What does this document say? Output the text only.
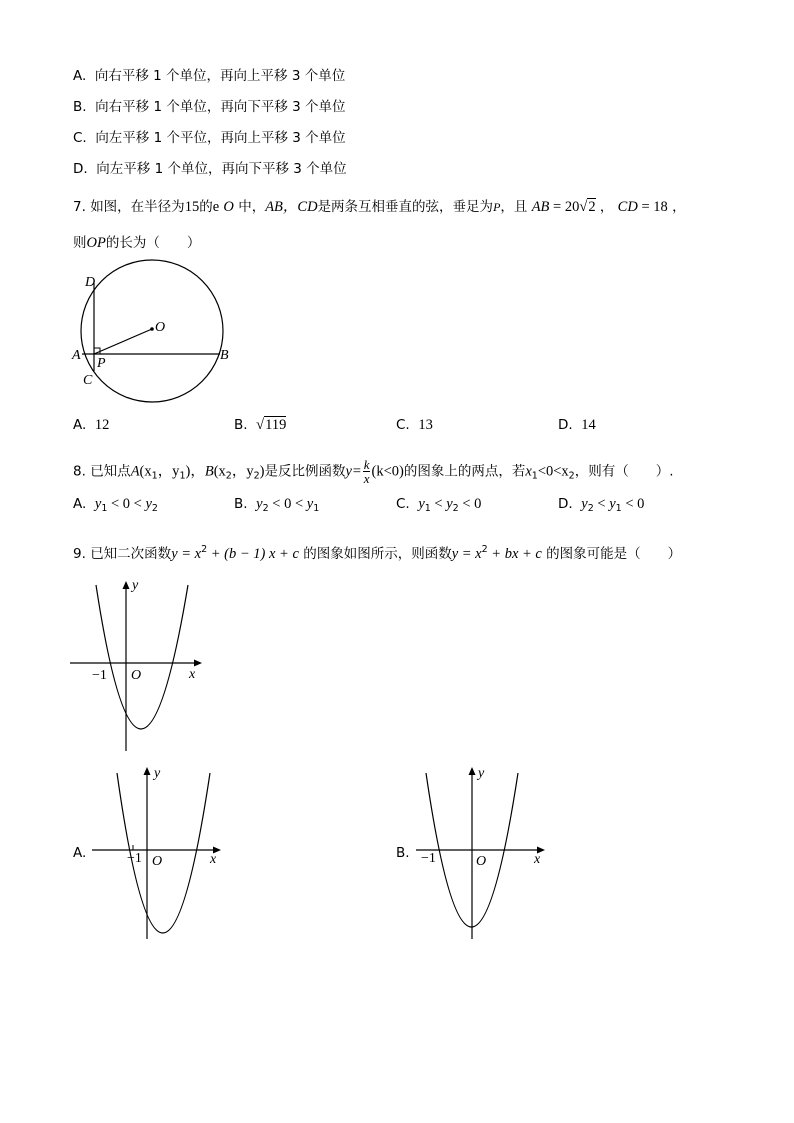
A. 向右平移 1 个单位，再向上平移 3 个单位
B. 向右平移 1 个单位，再向下平移 3 个单位
C. 向左平移 1 个平位，再向上平移 3 个单位
D. 向左平移 1 个单位，再向下平移 3 个单位
7. 如图，在半径为15的e O 中，AB，CD是两条互相垂直的弦，垂足为P，且 AB = 20√2 ， CD = 18 ，
则OP的长为（　　）
D
O
A
P
B
C
A. 12	B. √119	C. 13	D. 14
8. 已知点$A(x_1$，$y_1$)，$B(x_2$，$y_2$)是反比例函数$y= \frac{k}{x} (k<0)$的图象上的两点，若$x_1<0<x_2$，则有（　　）.
A. $y_1 < 0 < y_2$	B. $y_2 < 0 < y_1$	C. $y_1 < y_2 < 0$	D. $y_2 < y_1 < 0$
9. 已知二次函数$y = x^2 + (b - 1) x + c$ 的图象如图所示，则函数$y = x^2$ + bx + c 的图象可能是（　　）
y
x
O
−1
A.
y
x
O
−1	B.
y
x
O
−1
